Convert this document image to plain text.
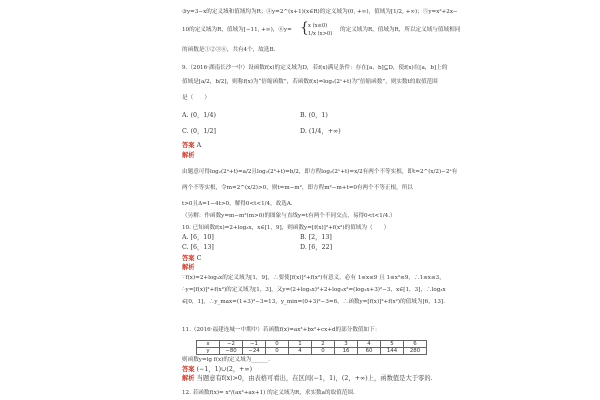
③y=3−x的定义域和值域均为R；④y=2^(x+1)(x∈R)的定义域为(0, +∞)，值域为[1/2, +∞)；⑤y=x²+2x−
10的定义域为R，值域为[−11, +∞)，⑥y= { x (x≤0)
1/x (x>0)
的定义域为R，值域为R，所以定义域与值域相同
的函数是①②③⑥，共有4个，故选B.
9.（2016·湖南长沙一中）设函数f(x)的定义域为D，若f(x)满足条件：存在[a，b]⊆D，使f(x)在[a，b]上的
值域是[a/2，b/2]，则称f(x)为“倍缩函数”，若函数f(x)=log₂(2ˣ+t)为“倍缩函数”，则实数t的取值范围
是（　　）
A. (0，1/4)	B. (0，1)
C. (0，1/2]	D. (1/4，+∞)
答案 A
解析
由题意可得log₂(2ᵃ+t)=a/2且log₂(2ᵇ+t)=b/2，即方程log₂(2ˣ+t)=x/2有两个不等实根，即t=2^(x/2)−2ˣ有
两个不等实根，令m=2^(x/2)>0，则t=m−m²，即方程m²−m+t=0有两个不等正根，所以
t>0且Δ=1−4t>0，解得0<t<1/4，故选A.
（另解：作函数y=m−m²(m>0)的图象与直线y=t有两个不同交点，易得0<t<1/4.）
10. 已知函数f(x)=2+log₃x，x∈[1，9]，则函数y=[f(x)]²+f(x²)的值域为（　　）
A. [6，10]	B. [2，13]
C. [6，13]	D. [6，22]
答案 C
解析
∵f(x)=2+log₃x的定义域为[1，9]，∴要使[f(x)]²+f(x²)有意义，必有 1≤x≤9 且 1≤x²≤9，∴1≤x≤3，
∴y=[f(x)]²+f(x²)的定义域为[1，3]，又y=(2+log₃x)²+2+log₃x²=(log₃x+3)²−3，x∈[1，3]，∴log₃x
∈[0，1]，∴y_max=(1+3)²−3=13，y_min=(0+3)²−3=6，∴函数y=[f(x)]²+f(x²)的值域为[6，13].
11.（2016·福建连城一中期中）若函数f(x)=ax³+bx²+cx+d的部分数值如下：
x	−2	−1	0	1	2	3	4	5	6
y	−80	−24	0	4	0	16	60	144	280
则函数y=lg f(x)的定义域为______.
答案 (−1，1)∪(2，+∞)
解析 当题意有f(x)>0，由表格可看出，在区间(−1，1)，(2，+∞)上，函数值是大于零的.
12. 若函数f(x)= x²/(ax²+ax+1) 的定义域为R，求实数a的取值范围.
